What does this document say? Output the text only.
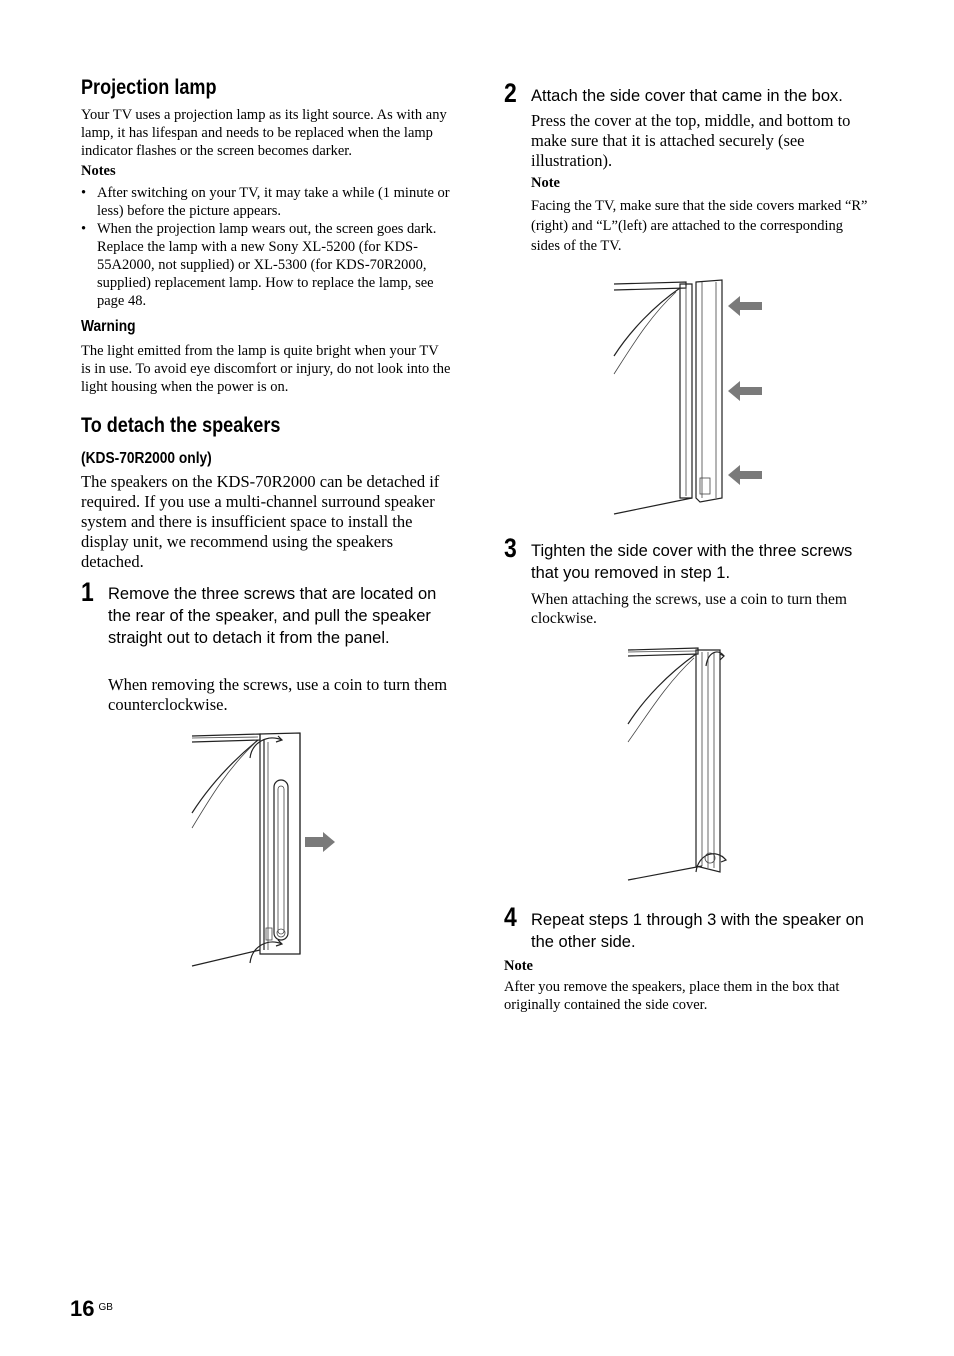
Projection lamp
Your TV uses a projection lamp as its light source. As with any lamp, it has lifespan and needs to be replaced when the lamp indicator flashes or the screen becomes darker.
Notes
• After switching on your TV, it may take a while (1 minute or less) before the picture appears.
• When the projection lamp wears out, the screen goes dark. Replace the lamp with a new Sony XL-5200 (for KDS-55A2000, not supplied) or XL-5300 (for KDS-70R2000, supplied) replacement lamp. How to replace the lamp, see page 48.
Warning
The light emitted from the lamp is quite bright when your TV is in use. To avoid eye discomfort or injury, do not look into the light housing when the power is on.
To detach the speakers
(KDS-70R2000 only)
The speakers on the KDS-70R2000 can be detached if required. If you use a multi-channel surround speaker system and there is insufficient space to install the display unit, we recommend using the speakers detached.
1 Remove the three screws that are located on the rear of the speaker, and pull the speaker straight out to detach it from the panel.
When removing the screws, use a coin to turn them counterclockwise.
2 Attach the side cover that came in the box.
Press the cover at the top, middle, and bottom to make sure that it is attached securely (see illustration).
Note
Facing the TV, make sure that the side covers marked “R” (right) and “L”(left) are attached to the corresponding sides of the TV.
3 Tighten the side cover with the three screws that you removed in step 1.
When attaching the screws, use a coin to turn them clockwise.
4 Repeat steps 1 through 3 with the speaker on the other side.
Note
After you remove the speakers, place them in the box that originally contained the side cover.
16 $^{GB}$
